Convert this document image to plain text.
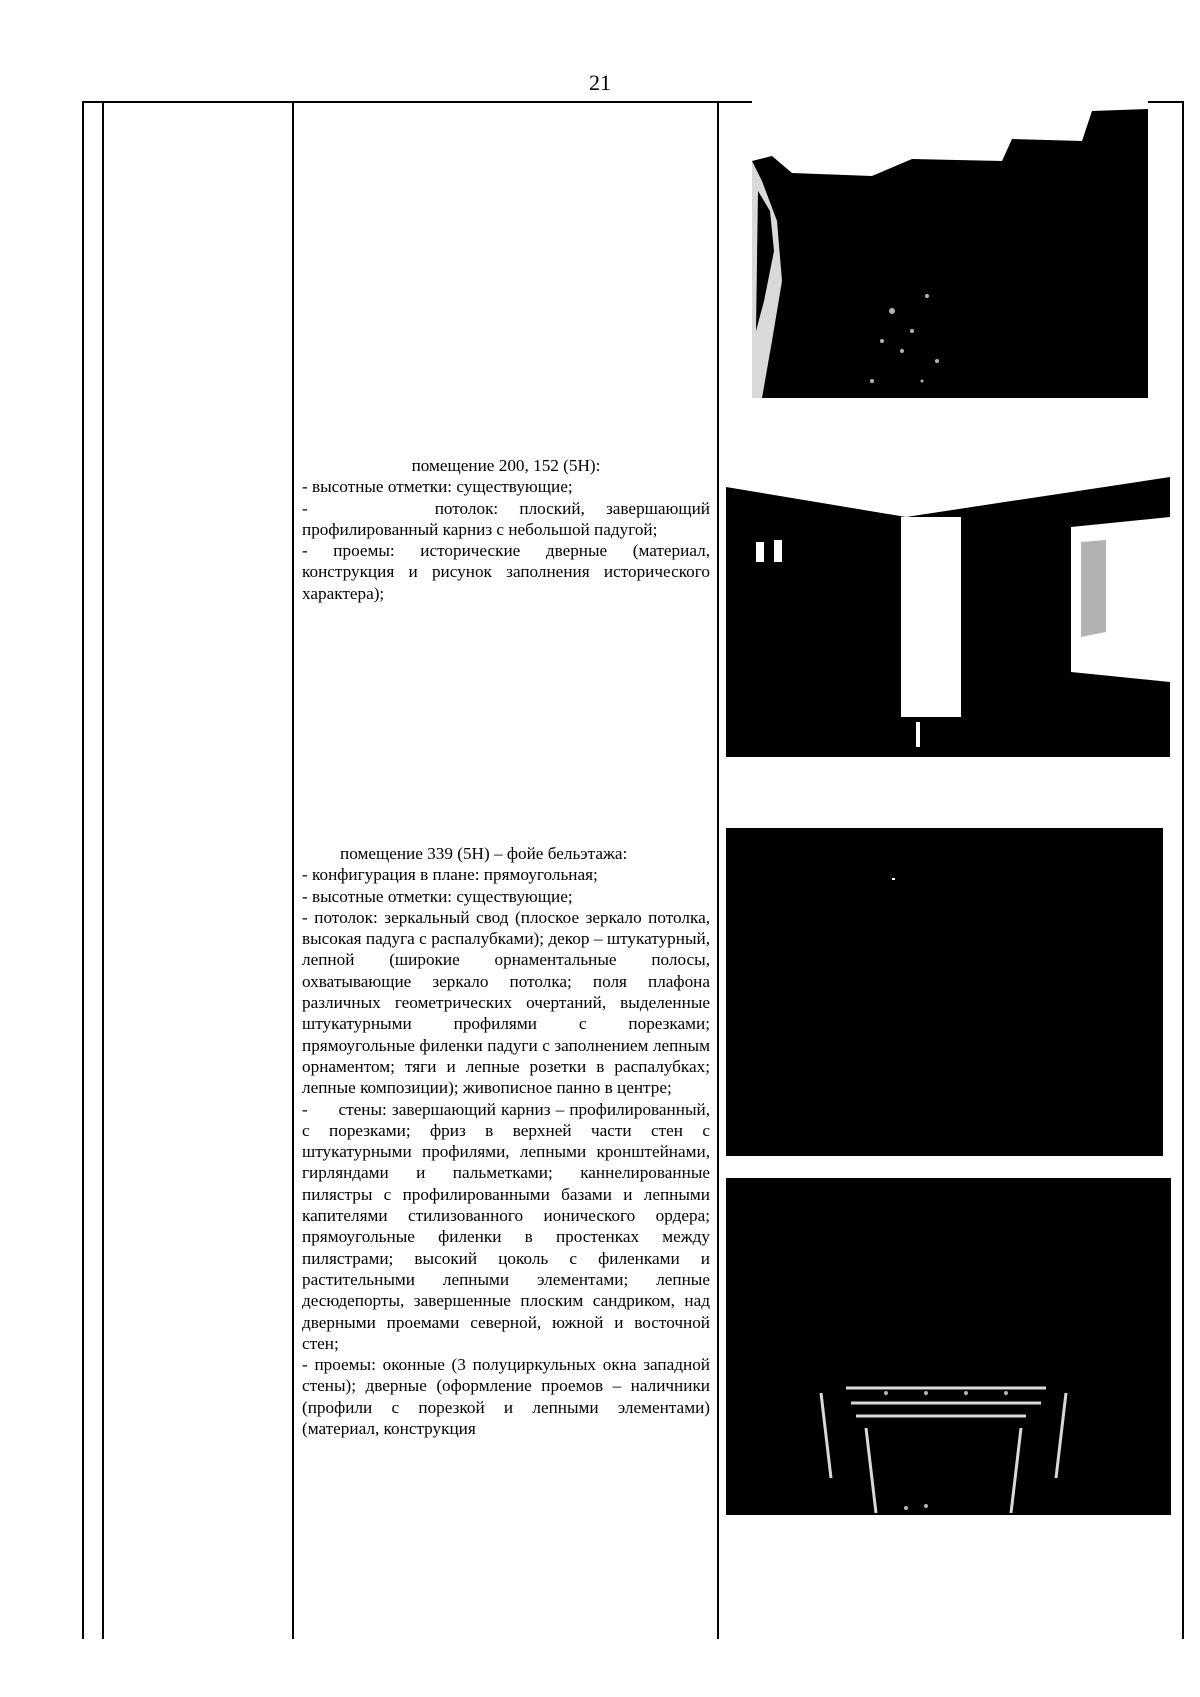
21

помещение 200, 152 (5Н):

- высотные отметки: существующие;

-      потолок: плоский, завершающий профилированный карниз с небольшой падугой;

- проемы: исторические дверные (материал, конструкция и рисунок заполнения исторического характера);

помещение 339 (5Н) – фойе бельэтажа:

- конфигурация в плане: прямоугольная;

- высотные отметки: существующие;

- потолок: зеркальный свод (плоское зеркало потолка, высокая падуга с распалубками); декор – штукатурный, лепной (широкие орнаментальные полосы, охватывающие зеркало потолка; поля плафона различных геометрических очертаний, выделенные штукатурными профилями с порезками; прямоугольные филенки падуги с заполнением лепным орнаментом; тяги и лепные розетки в распалубках; лепные композиции); живописное панно в центре;

-      стены: завершающий карниз – профилированный, с порезками; фриз в верхней части стен с штукатурными профилями, лепными кронштейнами, гирляндами и пальметками; каннелированные пилястры с профилированными базами и лепными капителями стилизованного ионического ордера; прямоугольные филенки в простенках между пилястрами; высокий цоколь с филенками и растительными лепными элементами; лепные десюдепорты, завершенные плоским сандриком, над дверными проемами северной, южной и восточной стен;

- проемы: оконные (3 полуциркульных окна западной стены); дверные (оформление проемов – наличники (профили с порезкой и лепными элементами) (материал, конструкция
